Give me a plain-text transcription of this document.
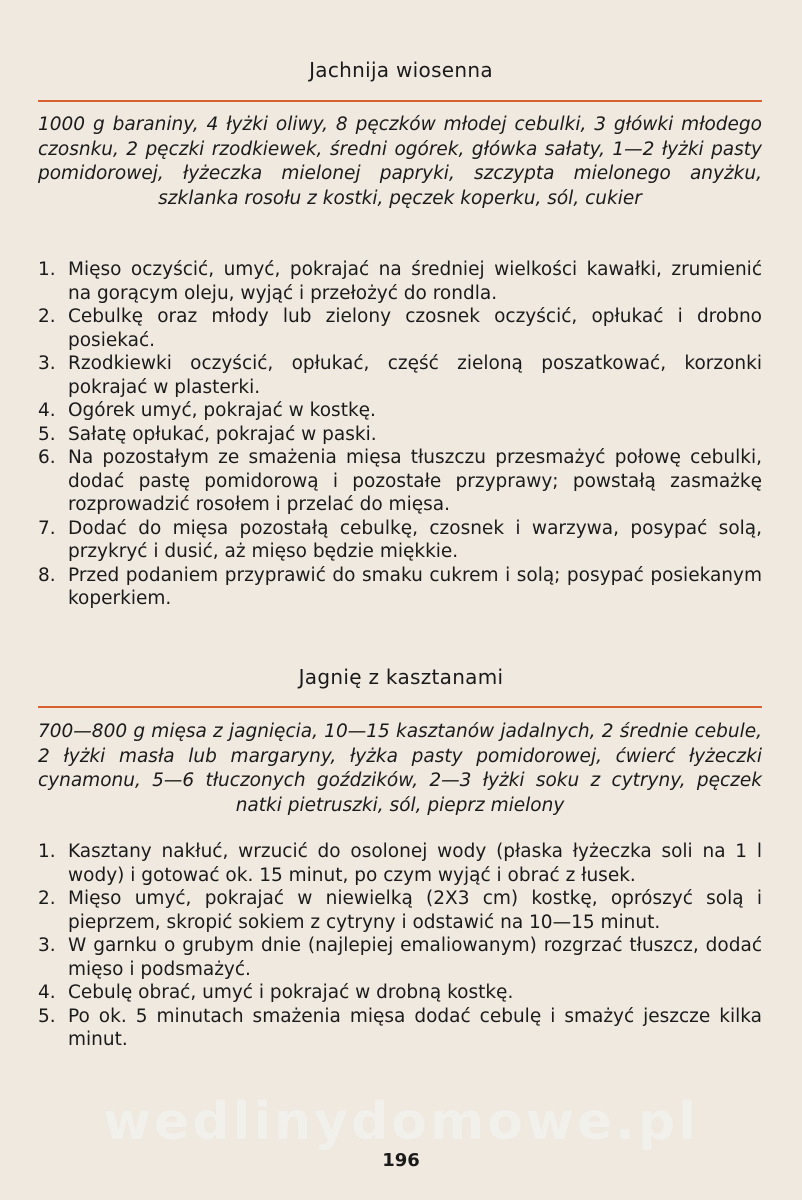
Jachnija wiosenna
1000 g baraniny, 4 łyżki oliwy, 8 pęczków młodej cebulki, 3 główki młodego czosnku, 2 pęczki rzodkiewek, średni ogórek, główka sałaty, 1—2 łyżki pasty pomidorowej, łyżeczka mielonej papryki, szczypta mielonego anyżku, szklanka rosołu z kostki, pęczek koperku, sól, cukier
1. Mięso oczyścić, umyć, pokrajać na średniej wielkości kawałki, zrumienić na gorącym oleju, wyjąć i przełożyć do rondla.
2. Cebulkę oraz młody lub zielony czosnek oczyścić, opłukać i drobno posiekać.
3. Rzodkiewki oczyścić, opłukać, część zieloną poszatkować, korzonki pokrajać w plasterki.
4. Ogórek umyć, pokrajać w kostkę.
5. Sałatę opłukać, pokrajać w paski.
6. Na pozostałym ze smażenia mięsa tłuszczu przesmażyć połowę cebulki, dodać pastę pomidorową i pozostałe przyprawy; powstałą zasmażkę rozprowadzić rosołem i przelać do mięsa.
7. Dodać do mięsa pozostałą cebulkę, czosnek i warzywa, posypać solą, przykryć i dusić, aż mięso będzie miękkie.
8. Przed podaniem przyprawić do smaku cukrem i solą; posypać posiekanym koperkiem.
Jagnię z kasztanami
700—800 g mięsa z jagnięcia, 10—15 kasztanów jadalnych, 2 średnie cebule, 2 łyżki masła lub margaryny, łyżka pasty pomidorowej, ćwierć łyżeczki cynamonu, 5—6 tłuczonych goździków, 2—3 łyżki soku z cytryny, pęczek natki pietruszki, sól, pieprz mielony
1. Kasztany nakłuć, wrzucić do osolonej wody (płaska łyżeczka soli na 1 l wody) i gotować ok. 15 minut, po czym wyjąć i obrać z łusek.
2. Mięso umyć, pokrajać w niewielką (2X3 cm) kostkę, oprószyć solą i pieprzem, skropić sokiem z cytryny i odstawić na 10—15 minut.
3. W garnku o grubym dnie (najlepiej emaliowanym) rozgrzać tłuszcz, dodać mięso i podsmażyć.
4. Cebulę obrać, umyć i pokrajać w drobną kostkę.
5. Po ok. 5 minutach smażenia mięsa dodać cebulę i smażyć jeszcze kilka minut.
wedlinydomowe.pl
196
